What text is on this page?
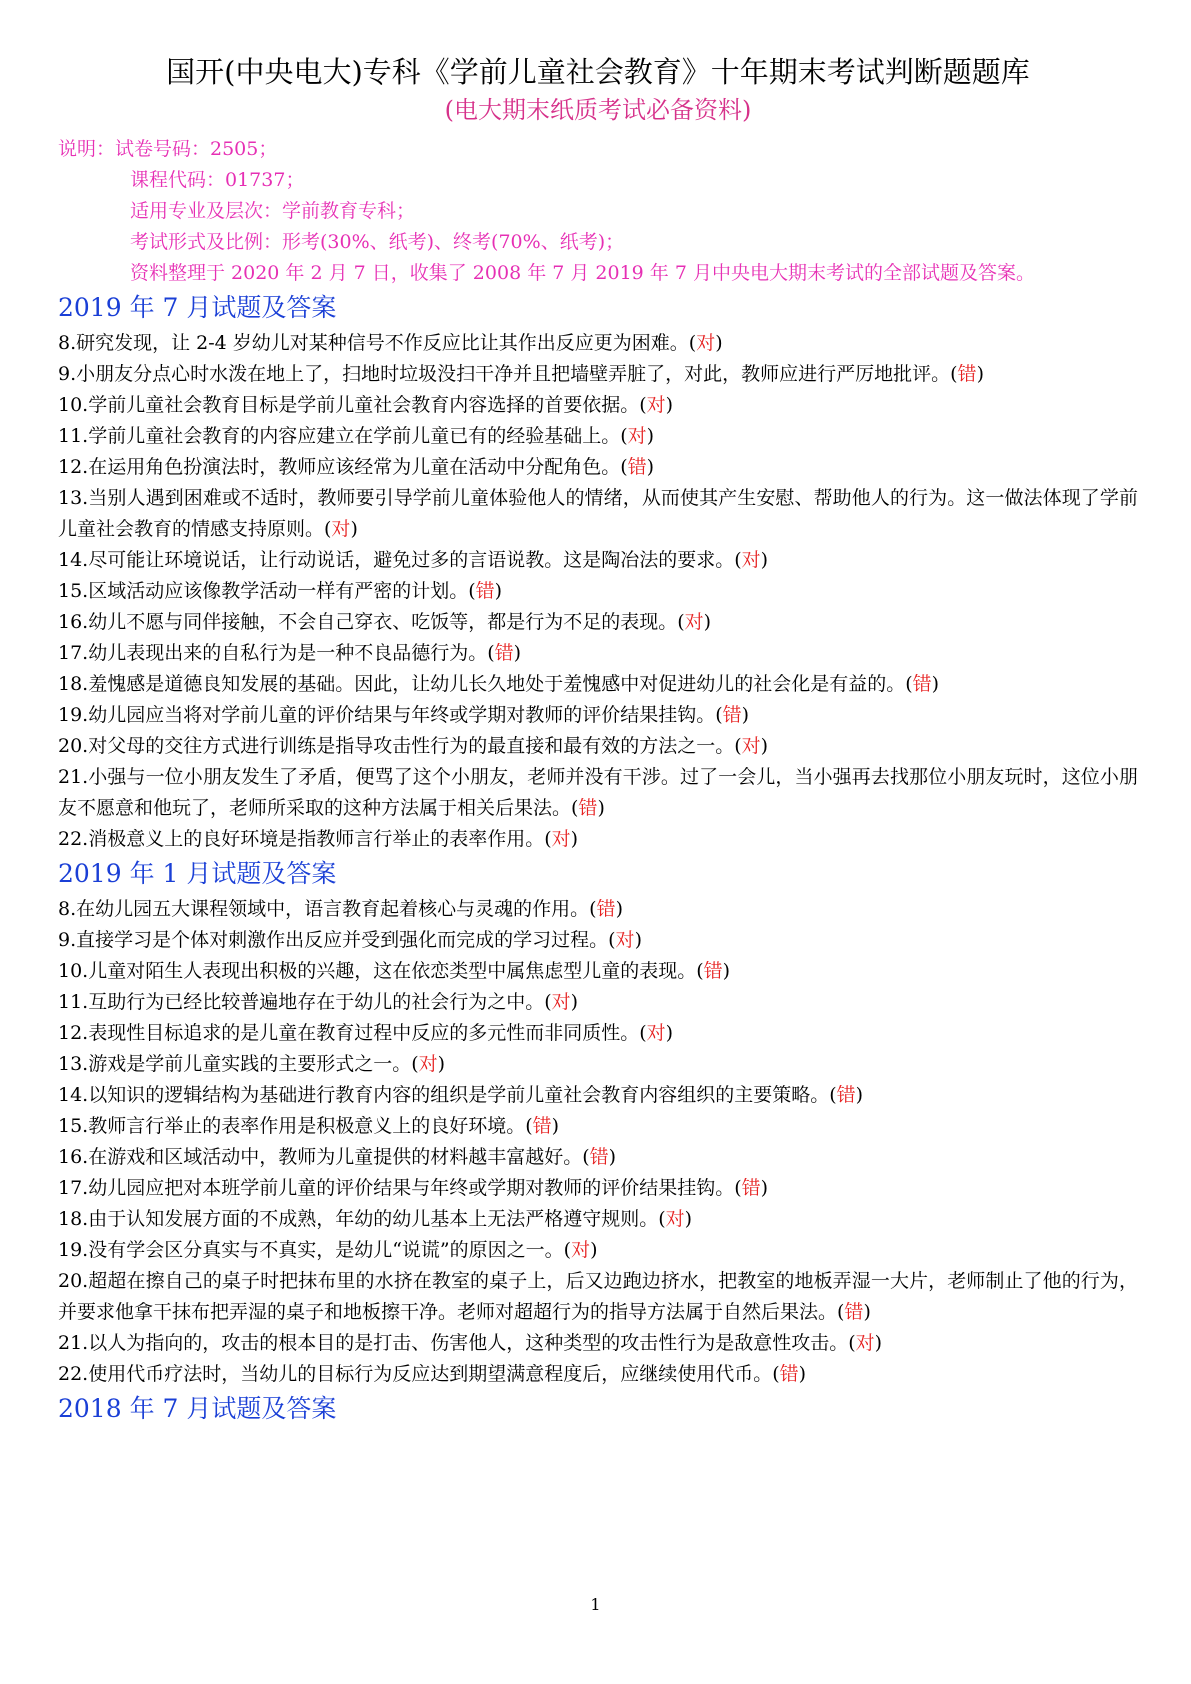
国开(中央电大)专科《学前儿童社会教育》十年期末考试判断题题库
(电大期末纸质考试必备资料)
说明：试卷号码：2505；
课程代码：01737；
适用专业及层次：学前教育专科；
考试形式及比例：形考(30%、纸考)、终考(70%、纸考)；
资料整理于 2020 年 2 月 7 日，收集了 2008 年 7 月 2019 年 7 月中央电大期末考试的全部试题及答案。
2019 年 7 月试题及答案
8.研究发现，让 2-4 岁幼儿对某种信号不作反应比让其作出反应更为困难。(对)
9.小朋友分点心时水泼在地上了，扫地时垃圾没扫干净并且把墙壁弄脏了，对此，教师应进行严厉地批评。(错)
10.学前儿童社会教育目标是学前儿童社会教育内容选择的首要依据。(对)
11.学前儿童社会教育的内容应建立在学前儿童已有的经验基础上。(对)
12.在运用角色扮演法时，教师应该经常为儿童在活动中分配角色。(错)
13.当别人遇到困难或不适时，教师要引导学前儿童体验他人的情绪，从而使其产生安慰、帮助他人的行为。这一做法体现了学前儿童社会教育的情感支持原则。(对)
14.尽可能让环境说话，让行动说话，避免过多的言语说教。这是陶冶法的要求。(对)
15.区域活动应该像教学活动一样有严密的计划。(错)
16.幼儿不愿与同伴接触，不会自己穿衣、吃饭等，都是行为不足的表现。(对)
17.幼儿表现出来的自私行为是一种不良品德行为。(错)
18.羞愧感是道德良知发展的基础。因此，让幼儿长久地处于羞愧感中对促进幼儿的社会化是有益的。(错)
19.幼儿园应当将对学前儿童的评价结果与年终或学期对教师的评价结果挂钩。(错)
20.对父母的交往方式进行训练是指导攻击性行为的最直接和最有效的方法之一。(对)
21.小强与一位小朋友发生了矛盾，便骂了这个小朋友，老师并没有干涉。过了一会儿，当小强再去找那位小朋友玩时，这位小朋友不愿意和他玩了，老师所采取的这种方法属于相关后果法。(错)
22.消极意义上的良好环境是指教师言行举止的表率作用。(对)
2019 年 1 月试题及答案
8.在幼儿园五大课程领域中，语言教育起着核心与灵魂的作用。(错)
9.直接学习是个体对刺激作出反应并受到强化而完成的学习过程。(对)
10.儿童对陌生人表现出积极的兴趣，这在依恋类型中属焦虑型儿童的表现。(错)
11.互助行为已经比较普遍地存在于幼儿的社会行为之中。(对)
12.表现性目标追求的是儿童在教育过程中反应的多元性而非同质性。(对)
13.游戏是学前儿童实践的主要形式之一。(对)
14.以知识的逻辑结构为基础进行教育内容的组织是学前儿童社会教育内容组织的主要策略。(错)
15.教师言行举止的表率作用是积极意义上的良好环境。(错)
16.在游戏和区域活动中，教师为儿童提供的材料越丰富越好。(错)
17.幼儿园应把对本班学前儿童的评价结果与年终或学期对教师的评价结果挂钩。(错)
18.由于认知发展方面的不成熟，年幼的幼儿基本上无法严格遵守规则。(对)
19.没有学会区分真实与不真实，是幼儿“说谎”的原因之一。(对)
20.超超在擦自己的桌子时把抹布里的水挤在教室的桌子上，后又边跑边挤水，把教室的地板弄湿一大片，老师制止了他的行为，并要求他拿干抹布把弄湿的桌子和地板擦干净。老师对超超行为的指导方法属于自然后果法。(错)
21.以人为指向的，攻击的根本目的是打击、伤害他人，这种类型的攻击性行为是敌意性攻击。(对)
22.使用代币疗法时，当幼儿的目标行为反应达到期望满意程度后，应继续使用代币。(错)
2018 年 7 月试题及答案
1
